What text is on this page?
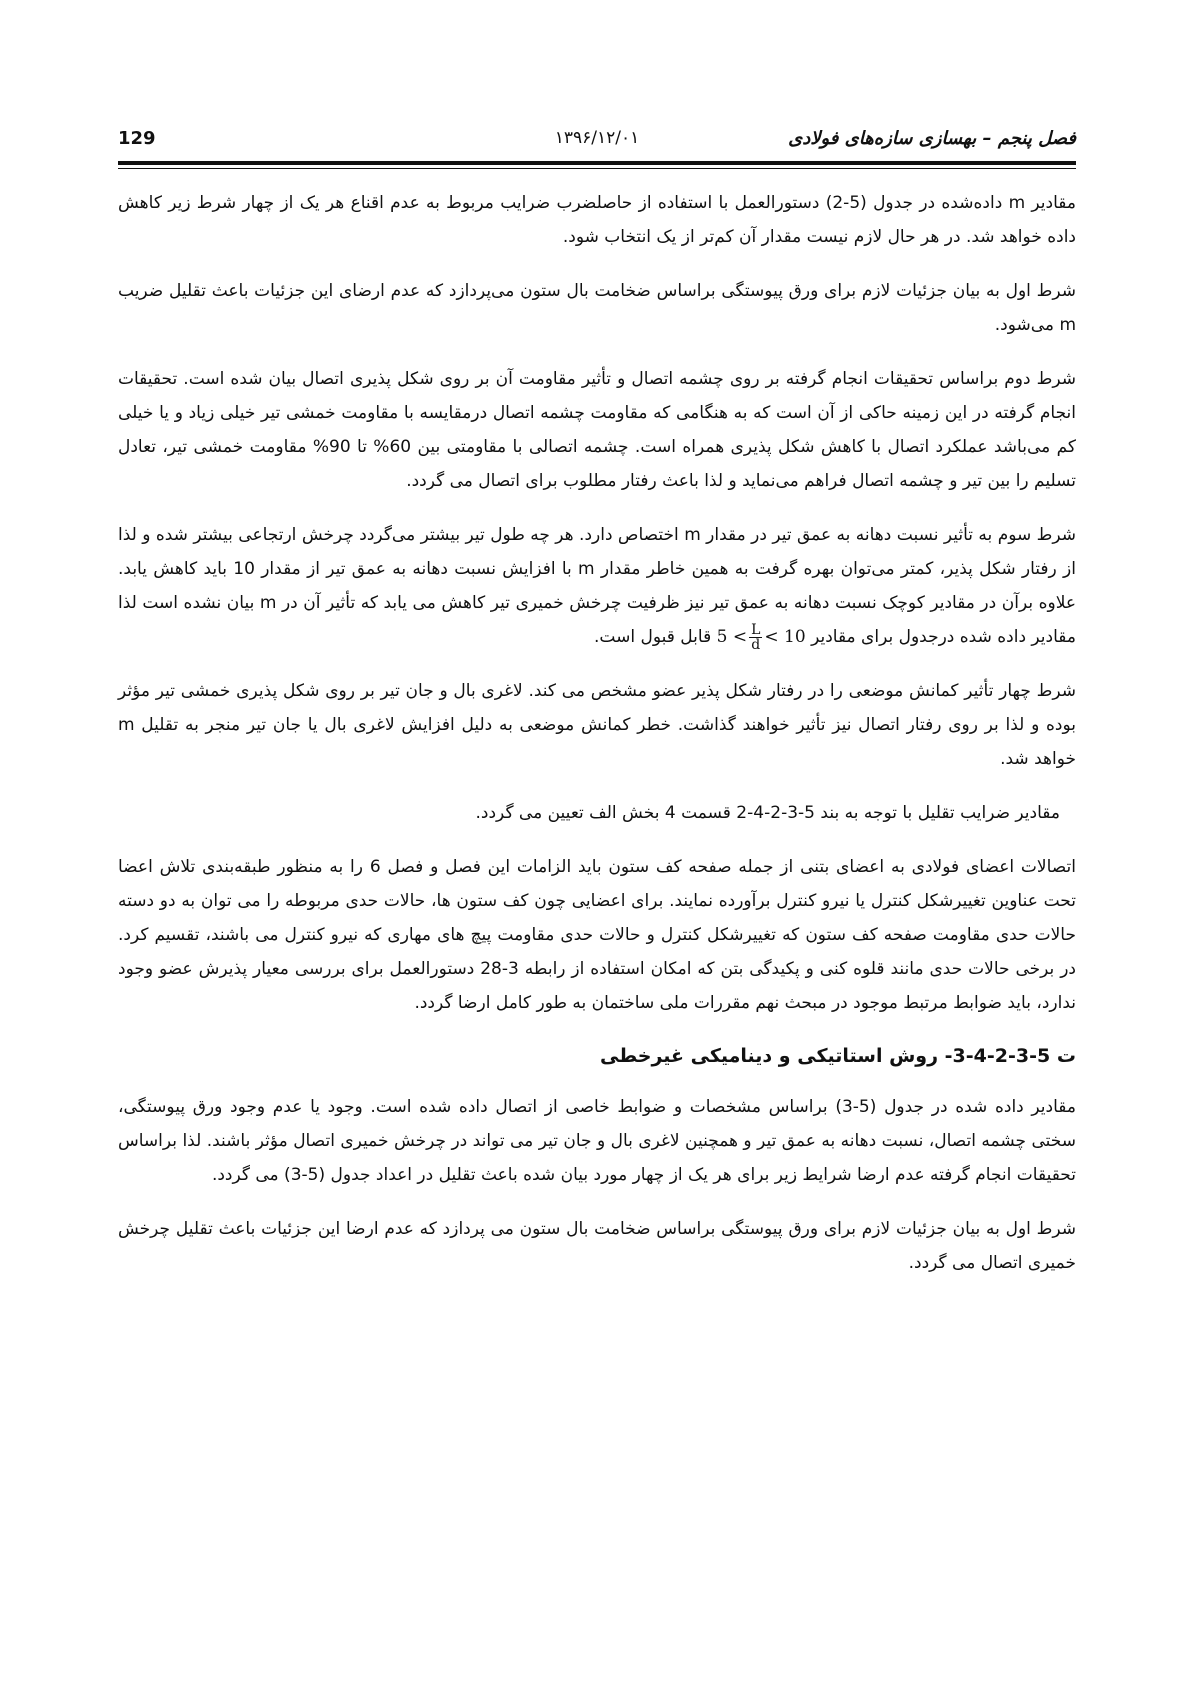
129	۱۳۹۶/۱۲/۰۱	فصل پنجم – بهسازی سازه‌های فولادی

مقادیر m داده‌شده در جدول (5-2) دستورالعمل با استفاده از حاصلضرب ضرایب مربوط به عدم اقناع هر یک از چهار شرط زیر کاهش داده خواهد شد. در هر حال لازم نیست مقدار آن کم‌تر از یک انتخاب شود.

شرط اول به بیان جزئیات لازم برای ورق پیوستگی براساس ضخامت بال ستون می‌پردازد که عدم ارضای این جزئیات باعث تقلیل ضریب m می‌شود.

شرط دوم براساس تحقیقات انجام گرفته بر روی چشمه اتصال و تأثیر مقاومت آن بر روی شکل پذیری اتصال بیان شده است. تحقیقات انجام گرفته در این زمینه حاکی از آن است که به هنگامی که مقاومت چشمه اتصال درمقایسه با مقاومت خمشی تیر خیلی زیاد و یا خیلی کم می‌باشد عملکرد اتصال با کاهش شکل پذیری همراه است. چشمه اتصالی با مقاومتی بین 60% تا 90% مقاومت خمشی تیر، تعادل تسلیم را بین تیر و چشمه اتصال فراهم می‌نماید و لذا باعث رفتار مطلوب برای اتصال می گردد.

شرط سوم به تأثیر نسبت دهانه به عمق تیر در مقدار m اختصاص دارد. هر چه طول تیر بیشتر می‌گردد چرخش ارتجاعی بیشتر شده و لذا از رفتار شکل پذیر، کمتر می‌توان بهره گرفت به همین خاطر مقدار m با افزایش نسبت دهانه به عمق تیر از مقدار 10 باید کاهش یابد. علاوه برآن در مقادیر کوچک نسبت دهانه به عمق تیر نیز ظرفیت چرخش خمیری تیر کاهش می یابد که تأثیر آن در m بیان نشده است لذا مقادیر داده شده درجدول برای مقادیر $5 < \frac{L}{d} < 10$ قابل قبول است.

شرط چهار تأثیر کمانش موضعی را در رفتار شکل پذیر عضو مشخص می کند. لاغری بال و جان تیر بر روی شکل پذیری خمشی تیر مؤثر بوده و لذا بر روی رفتار اتصال نیز تأثیر خواهند گذاشت. خطر کمانش موضعی به دلیل افزایش لاغری بال یا جان تیر منجر به تقلیل m خواهد شد.

مقادیر ضرایب تقلیل با توجه به بند 5-3-2-4-2 قسمت 4 بخش الف تعیین می گردد.

اتصالات اعضای فولادی به اعضای بتنی از جمله صفحه کف ستون باید الزامات این فصل و فصل 6 را به منظور طبقه‌بندی تلاش اعضا تحت عناوین تغییرشکل کنترل یا نیرو کنترل برآورده نمایند. برای اعضایی چون کف ستون ها، حالات حدی مربوطه را می توان به دو دسته حالات حدی مقاومت صفحه کف ستون که تغییرشکل کنترل و حالات حدی مقاومت پیچ های مهاری که نیرو کنترل می باشند، تقسیم کرد. در برخی حالات حدی مانند قلوه کنی و پکیدگی بتن که امکان استفاده از رابطه 3-28 دستورالعمل برای بررسی معیار پذیرش عضو وجود ندارد، باید ضوابط مرتبط موجود در مبحث نهم مقررات ملی ساختمان به طور کامل ارضا گردد.

ت 5-3-2-4-3- روش استاتیکی و دینامیکی غیرخطی

مقادیر داده شده در جدول (5-3) براساس مشخصات و ضوابط خاصی از اتصال داده شده است. وجود یا عدم وجود ورق پیوستگی، سختی چشمه اتصال، نسبت دهانه به عمق تیر و همچنین لاغری بال و جان تیر می تواند در چرخش خمیری اتصال مؤثر باشند. لذا براساس تحقیقات انجام گرفته عدم ارضا شرایط زیر برای هر یک از چهار مورد بیان شده باعث تقلیل در اعداد جدول (5-3) می گردد.

شرط اول به بیان جزئیات لازم برای ورق پیوستگی براساس ضخامت بال ستون می پردازد که عدم ارضا این جزئیات باعث تقلیل چرخش خمیری اتصال می گردد.
